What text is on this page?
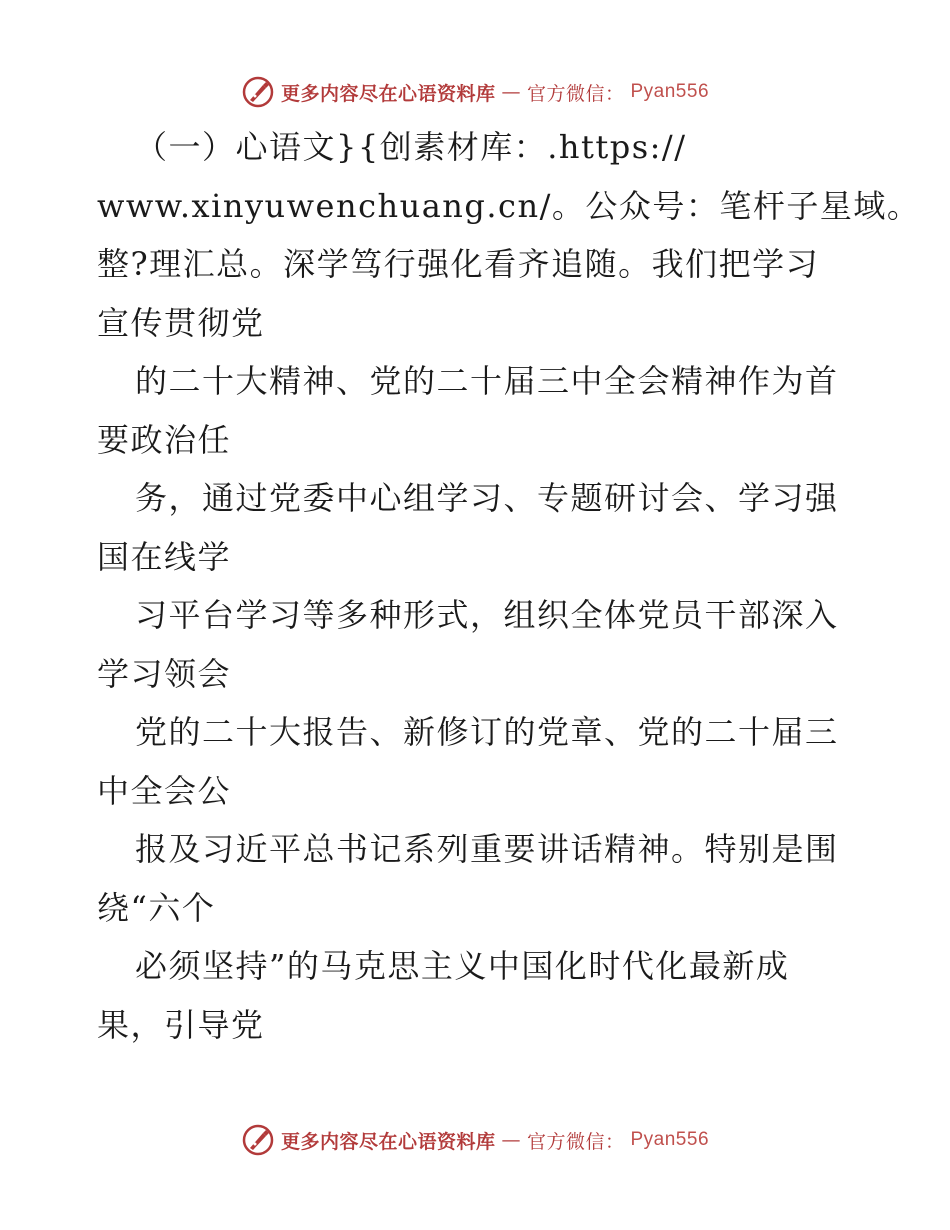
更多内容尽在心语资料库 — 官方微信： Pyan556
（一）心语文}{创素材库：.https://
www.xinyuwenchuang.cn/。公众号：笔杆子星域。
整?理汇总。深学笃行强化看齐追随。我们把学习
宣传贯彻党
的二十大精神、党的二十届三中全会精神作为首
要政治任
务，通过党委中心组学习、专题研讨会、学习强
国在线学
习平台学习等多种形式，组织全体党员干部深入
学习领会
党的二十大报告、新修订的党章、党的二十届三
中全会公
报及习近平总书记系列重要讲话精神。特别是围
绕“六个
必须坚持”的马克思主义中国化时代化最新成
果，引导党
更多内容尽在心语资料库 — 官方微信： Pyan556
